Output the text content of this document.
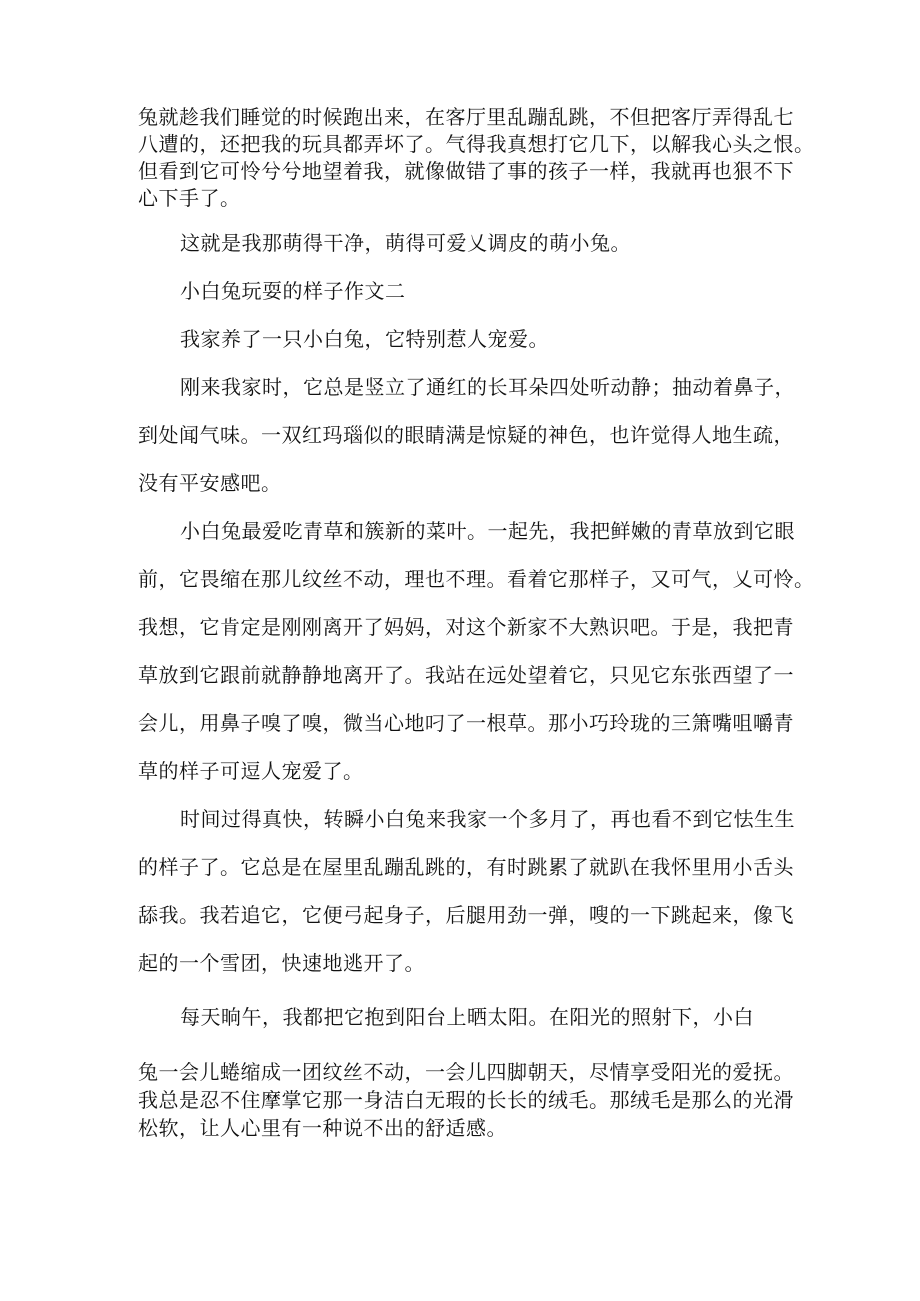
兔就趁我们睡觉的时候跑出来，在客厅里乱蹦乱跳，不但把客厅弄得乱七
八遭的，还把我的玩具都弄坏了。气得我真想打它几下，以解我心头之恨。
但看到它可怜兮兮地望着我，就像做错了事的孩子一样，我就再也狠不下
心下手了。
这就是我那萌得干净，萌得可爱乂调皮的萌小兔。
小白兔玩耍的样子作文二
我家养了一只小白兔，它特别惹人宠爱。
刚来我家时，它总是竖立了通红的长耳朵四处听动静；抽动着鼻子，
到处闻气味。一双红玛瑙似的眼睛满是惊疑的神色，也许觉得人地生疏，
没有平安感吧。
小白兔最爱吃青草和簇新的菜叶。一起先，我把鲜嫩的青草放到它眼
前，它畏缩在那儿纹丝不动，理也不理。看着它那样子，又可气，乂可怜。
我想，它肯定是刚刚离开了妈妈，对这个新家不大熟识吧。于是，我把青
草放到它跟前就静静地离开了。我站在远处望着它，只见它东张西望了一
会儿，用鼻子嗅了嗅，微当心地叼了一根草。那小巧玲珑的三箫嘴咀嚼青
草的样子可逗人宠爱了。
时间过得真快，转瞬小白兔来我家一个多月了，再也看不到它怯生生
的样子了。它总是在屋里乱蹦乱跳的，有时跳累了就趴在我怀里用小舌头
舔我。我若追它，它便弓起身子，后腿用劲一弹，嗖的一下跳起来，像飞
起的一个雪团，快速地逃开了。
每天晌午，我都把它抱到阳台上晒太阳。在阳光的照射下，小白
兔一会儿蜷缩成一团纹丝不动，一会儿四脚朝天，尽情享受阳光的爱抚。
我总是忍不住摩掌它那一身洁白无瑕的长长的绒毛。那绒毛是那么的光滑
松软，让人心里有一种说不出的舒适感。
